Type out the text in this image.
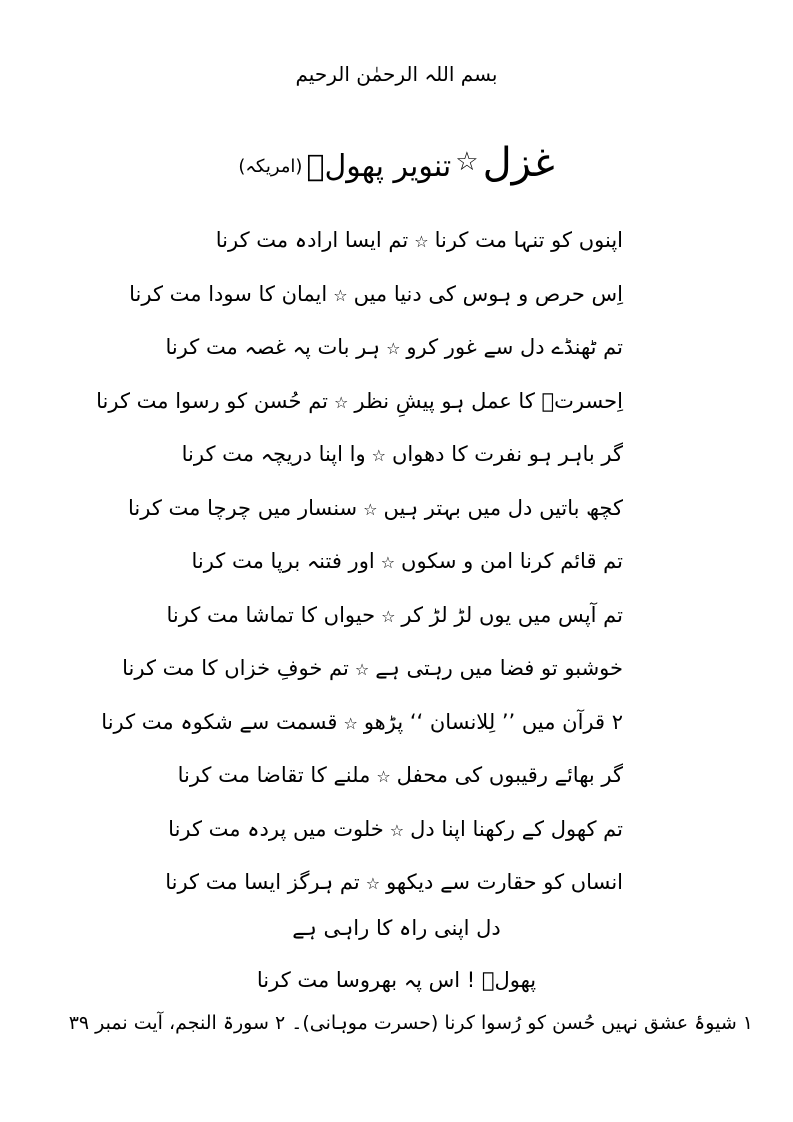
بسم اللہ الرحمٰن الرحیم
غزل☆تنویر پھولؔ(امریکہ)
اپنوں کو تنہا مت کرنا☆تم ایسا ارادہ مت کرنا
اِس حرص و ہوس کی دنیا میں☆ایمان کا سودا مت کرنا
تم ٹھنڈے دل سے غور کرو☆ہر بات پہ غصہ مت کرنا
اِحسرتؔ کا عمل ہو پیشِ نظر☆تم حُسن کو رسوا مت کرنا
گر باہر ہو نفرت کا دھواں☆وا اپنا دریچہ مت کرنا
کچھ باتیں دل میں بہتر ہیں☆سنسار میں چرچا مت کرنا
تم قائم کرنا امن و سکوں☆اور فتنہ برپا مت کرنا
تم آپس میں یوں لڑ لڑ کر☆حیواں کا تماشا مت کرنا
خوشبو تو فضا میں رہتی ہے☆تم خوفِ خزاں کا مت کرنا
۲ قرآن میں ’’ لِلانسان ‘‘ پڑھو☆قسمت سے شکوہ مت کرنا
گر بھائے رقیبوں کی محفل☆ملنے کا تقاضا مت کرنا
تم کھول کے رکھنا اپنا دل☆خلوت میں پردہ مت کرنا
انساں کو حقارت سے دیکھو☆تم ہرگز ایسا مت کرنا
دل اپنی راہ کا راہی ہے
پھولؔ ! اس پہ بھروسا مت کرنا
۱ شیوۂ عشق نہیں حُسن کو رُسوا کرنا (حسرت موہانی)۔ ۲ سورۃ النجم، آیت نمبر ۳۹
